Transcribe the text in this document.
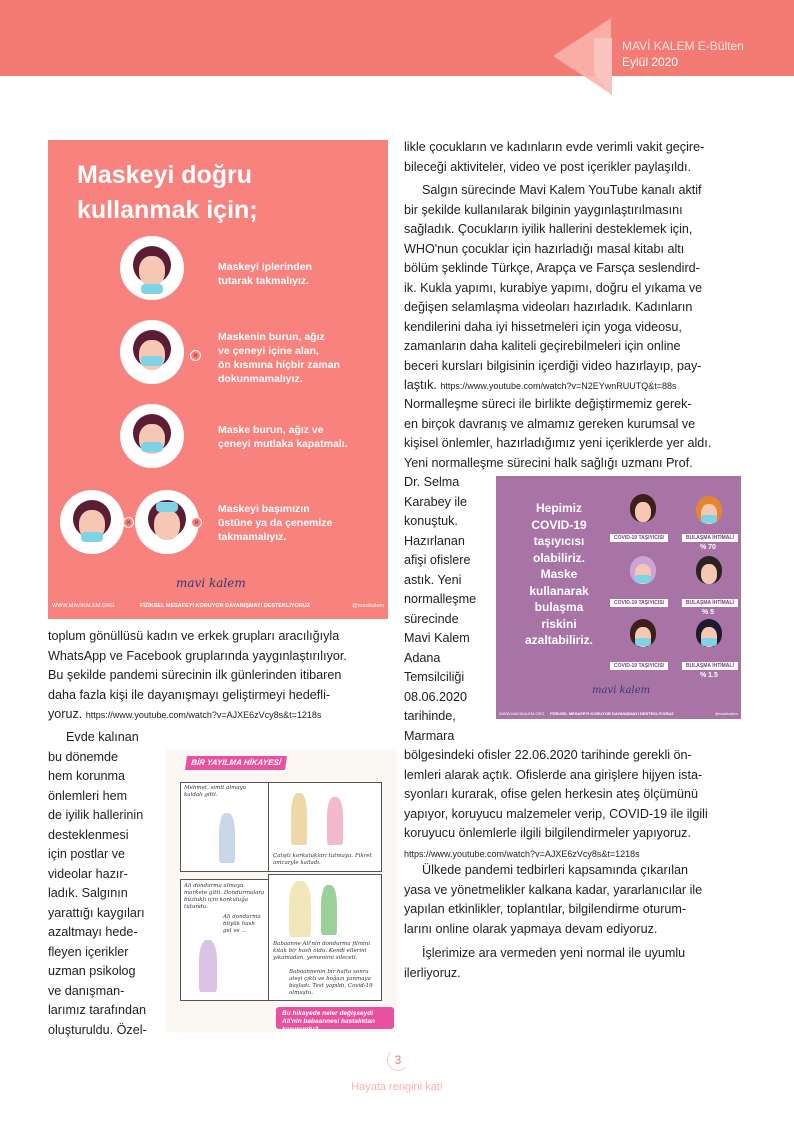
MAVİ KALEM E-Bülten
Eylül 2020
Maskeyi doğru
kullanmak için;
Maskeyi iplerinden
tutarak takmalıyız.
×
Maskenin burun, ağız
ve çeneyi içine alan,
ön kısmına hiçbir zaman
dokunmamalıyız.
Maske burun, ağız ve
çeneyi mutlaka kapatmalı.
×	×
Maskeyi başımızın
üstüne ya da çenemize
takmamalıyız.
mavi kalem
WWW.MAVIKALEM.ORG	FİZİKSEL MESAFEYİ KORUYOR DAYANIŞMAYI DESTEKLİYORUZ	@mavikalem
toplum gönüllüsü kadın ve erkek grupları aracılığıyla
WhatsApp ve Facebook gruplarında yaygınlaştırılıyor.
Bu şekilde pandemi sürecinin ilk günlerinden itibaren
daha fazla kişi ile dayanışmayı geliştirmeyi hedefli-
yoruz. https://www.youtube.com/watch?v=AJXE6zVcy8s&t=1218s
Evde kalınan
bu dönemde
hem korunma
önlemleri hem
de iyilik hallerinin
desteklenmesi
için postlar ve
videolar hazır-
ladık. Salgının
yarattığı kaygıları
azaltmayı hede-
fleyen içerikler
uzman psikolog
ve danışman-
larımız tarafından
oluşturuldu. Özel-
BİR YAYILMA HİKAYESİ
Mehmet, simit almaya kaldalı gitti.
Çalıştı korkulukları tutmaya. Fikret amcaryle kalladı.
Ali dondurma almaya markete gitti. Dondurmalara buzluklı için korkuluğa tutundu.
Ali dondurma büyük hash gel ve ...
Babaanne Ali'nin dondurma filmini kıtak bir hash oldu. Kendi ellerini yıkamadan, yemeniini sileceti.
Babaannenin bir hafta sonra ateşi çıktı ve boğazı yanmaya başladı. Test yapıldı, Covid-19 olmuştu.
Bu hikayede neler değişseydi Ali'nin babaannesi hastalıktan korunurdu?
likle çocukların ve kadınların evde verimli vakit geçire-
bileceği aktiviteler, video ve post içerikler paylaşıldı.
Salgın sürecinde Mavi Kalem YouTube kanalı aktif
bir şekilde kullanılarak bilginin yaygınlaştırılmasını
sağladık. Çocukların iyilik hallerini desteklemek için,
WHO'nun çocuklar için hazırladığı masal kitabı altı
bölüm şeklinde Türkçe, Arapça ve Farsça seslendird-
ik. Kukla yapımı, kurabiye yapımı, doğru el yıkama ve
değişen selamlaşma videoları hazırladık. Kadınların
kendilerini daha iyi hissetmeleri için yoga videosu,
zamanların daha kaliteli geçirebilmeleri için online
beceri kursları bilgisinin içerdiği video hazırlayıp, pay-
laştık. https://www.youtube.com/watch?v=N2EYwnRUUTQ&t=88s
Normalleşme süreci ile birlikte değiştirmemiz gerek-
en birçok davranış ve almamız gereken kurumsal ve
kişisel önlemler, hazırladığımız yeni içeriklerde yer aldı.
Yeni normalleşme sürecini halk sağlığı uzmanı Prof.
Dr. Selma
Karabey ile
konuştuk.
Hazırlanan
afişi ofislere
astık. Yeni
normalleşme
sürecinde
Mavi Kalem
Adana
Temsilciliği
08.06.2020
tarihinde,
Marmara
bölgesindeki ofisler 22.06.2020 tarihinde gerekli ön-
lemleri alarak açtık. Ofislerde ana girişlere hijyen ista-
syonları kurarak, ofise gelen herkesin ateş ölçümünü
yapıyor, koruyucu malzemeler verip, COVID-19 ile ilgili
koruyucu önlemlerle ilgili bilgilendirmeler yapıyoruz.
https://www.youtube.com/watch?v=AJXE6zVcy8s&t=1218s
Ülkede pandemi tedbirleri kapsamında çıkarılan
yasa ve yönetmelikler kalkana kadar, yararlanıcılar ile
yapılan etkinlikler, toplantılar, bilgilendirme oturum-
larını online olarak yapmaya devam ediyoruz.
İşlerimize ara vermeden yeni normal ile uyumlu
ilerliyoruz.
Hepimiz
COVID-19
taşıyıcısı
olabiliriz.
Maske
kullanarak
bulaşma
riskini
azaltabiliriz.
COVID-19 TAŞIYICISI	BULAŞMA İHTİMALİ
% 70
COVID-19 TAŞIYICISI	BULAŞMA İHTİMALİ
% 5
COVID-19 TAŞIYICISI	BULAŞMA İHTİMALİ
% 1.5
mavi kalem
WWW.MAVIKALEM.ORG FİZİKSEL MESAFEYİ KORUYOR DAYANIŞMAYI DESTEKLİYORUZ	@mavikalem
3
Hayata rengini kat!
